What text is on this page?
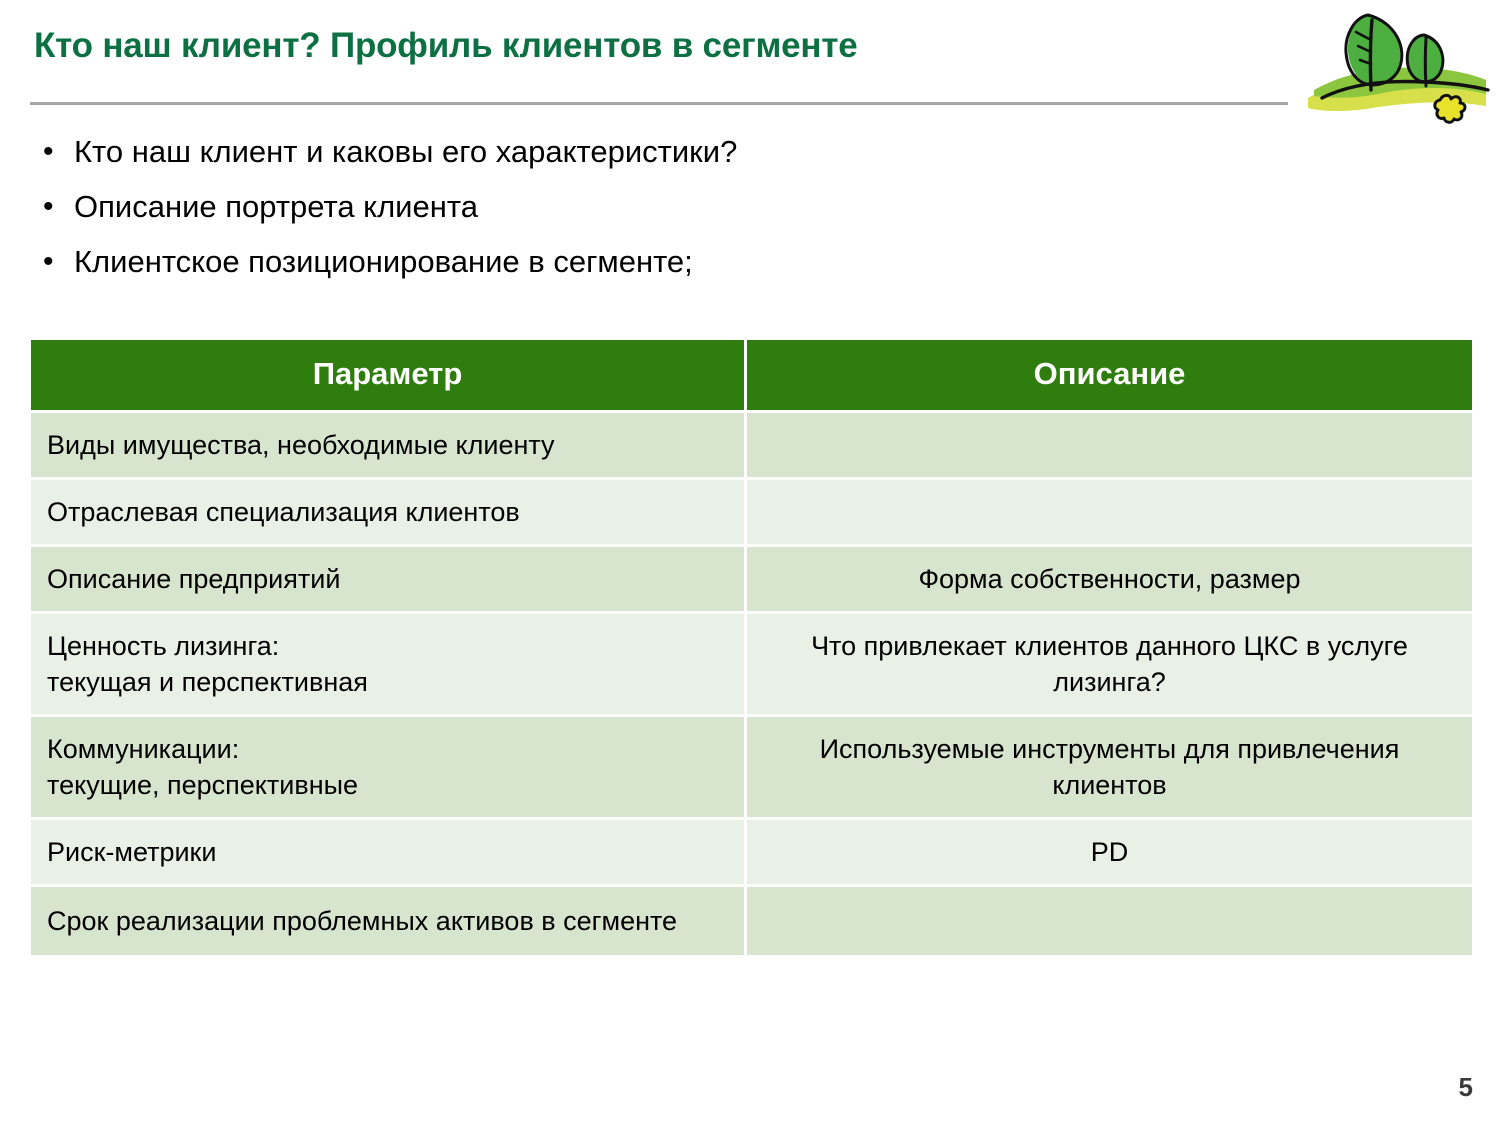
Кто наш клиент? Профиль клиентов в сегменте
• Кто наш клиент и каковы его характеристики?
• Описание портрета клиента
• Клиентское позиционирование в сегменте;
Параметр	Описание
Виды имущества, необходимые клиенту	
Отраслевая специализация клиентов	
Описание предприятий	Форма собственности, размер
Ценность лизинга:
текущая и перспективная	Что привлекает клиентов данного ЦКС в услуге лизинга?
Коммуникации:
текущие, перспективные	Используемые инструменты для привлечения клиентов
Риск-метрики	PD
Срок реализации проблемных активов в сегменте	
5
